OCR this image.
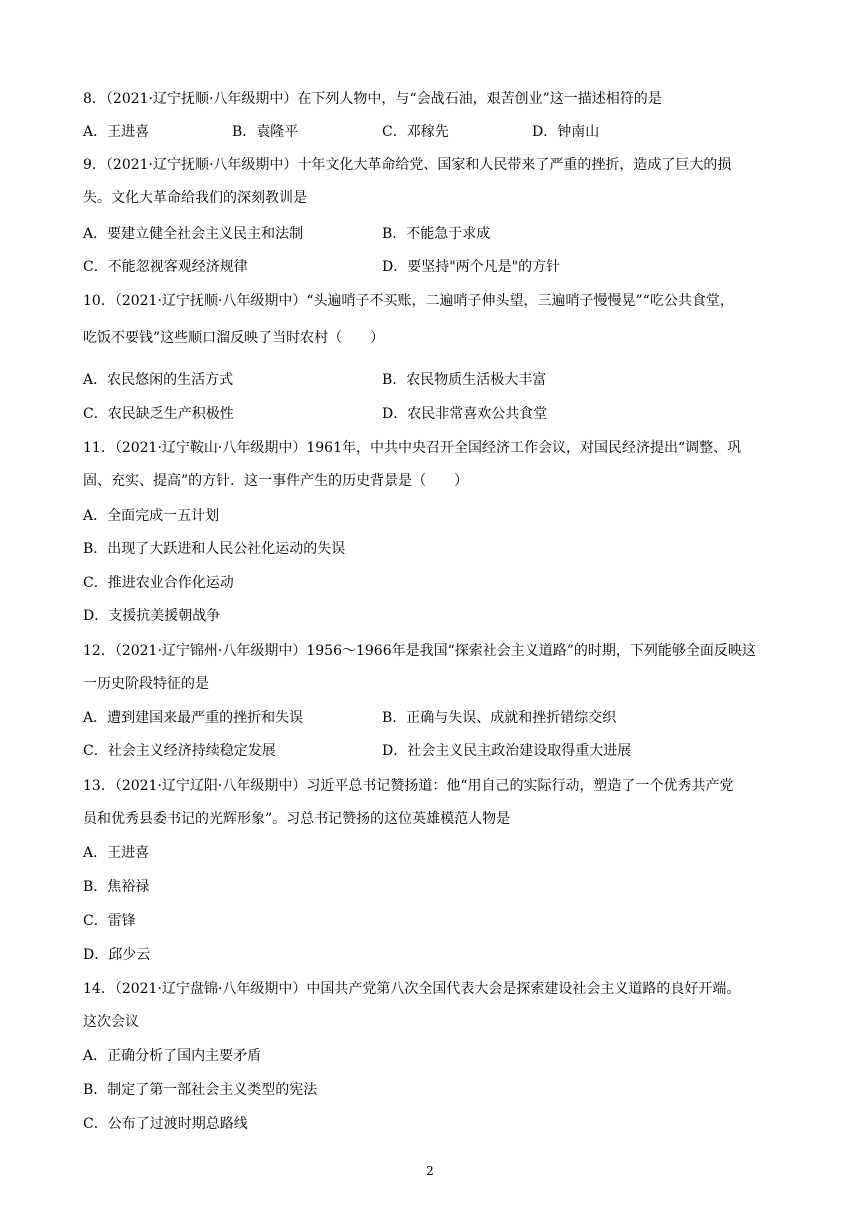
8．（2021·辽宁抚顺·八年级期中）在下列人物中，与“会战石油，艰苦创业”这一描述相符的是
A．王进喜	B．袁隆平	C．邓稼先	D．钟南山
9．（2021·辽宁抚顺·八年级期中）十年文化大革命给党、国家和人民带来了严重的挫折，造成了巨大的损
失。文化大革命给我们的深刻教训是
A．要建立健全社会主义民主和法制	B．不能急于求成
C．不能忽视客观经济规律	D．要坚持"两个凡是"的方针
10．（2021·辽宁抚顺·八年级期中）“头遍哨子不买账，二遍哨子伸头望，三遍哨子慢慢晃”“吃公共食堂，
吃饭不要钱”这些顺口溜反映了当时农村（　　）
A．农民悠闲的生活方式	B．农民物质生活极大丰富
C．农民缺乏生产积极性	D．农民非常喜欢公共食堂
11．（2021·辽宁鞍山·八年级期中）1961年，中共中央召开全国经济工作会议，对国民经济提出“调整、巩
固、充实、提高”的方针．这一事件产生的历史背景是（　　）
A．全面完成一五计划
B．出现了大跃进和人民公社化运动的失误
C．推进农业合作化运动
D．支援抗美援朝战争
12．（2021·辽宁锦州·八年级期中）1956～1966年是我国“探索社会主义道路”的时期，下列能够全面反映这
一历史阶段特征的是
A．遭到建国来最严重的挫折和失误	B．正确与失误、成就和挫折错综交织
C．社会主义经济持续稳定发展	D．社会主义民主政治建设取得重大进展
13．（2021·辽宁辽阳·八年级期中）习近平总书记赞扬道：他“用自己的实际行动，塑造了一个优秀共产党
员和优秀县委书记的光辉形象”。习总书记赞扬的这位英雄模范人物是
A．王进喜
B．焦裕禄
C．雷锋
D．邱少云
14．（2021·辽宁盘锦·八年级期中）中国共产党第八次全国代表大会是探索建设社会主义道路的良好开端。
这次会议
A．正确分析了国内主要矛盾
B．制定了第一部社会主义类型的宪法
C．公布了过渡时期总路线
2
